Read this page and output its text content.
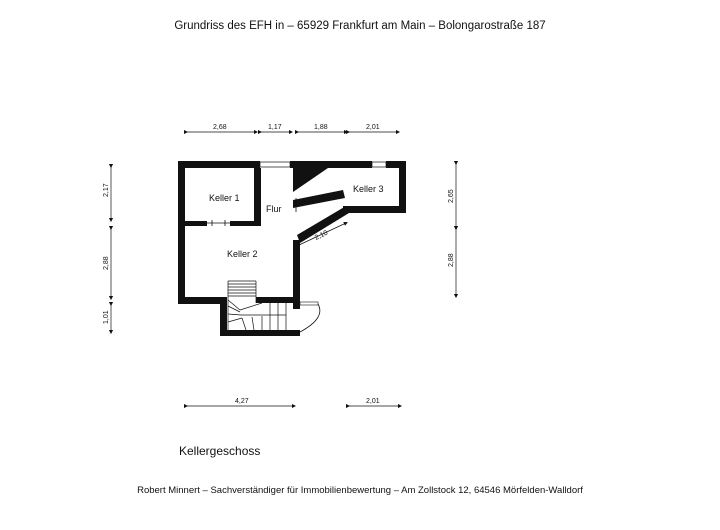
Grundriss des EFH in – 65929 Frankfurt am Main – Bolongarostraße 187
Keller 1
Flur
Keller 2
Keller 3
2,68	1,17	1,88	2,01
2,17
2,88
1,01
2,65
2,88
4,27	2,01
2,10
Kellergeschoss
Robert Minnert – Sachverständiger für Immobilienbewertung – Am Zollstock 12, 64546 Mörfelden-Walldorf
